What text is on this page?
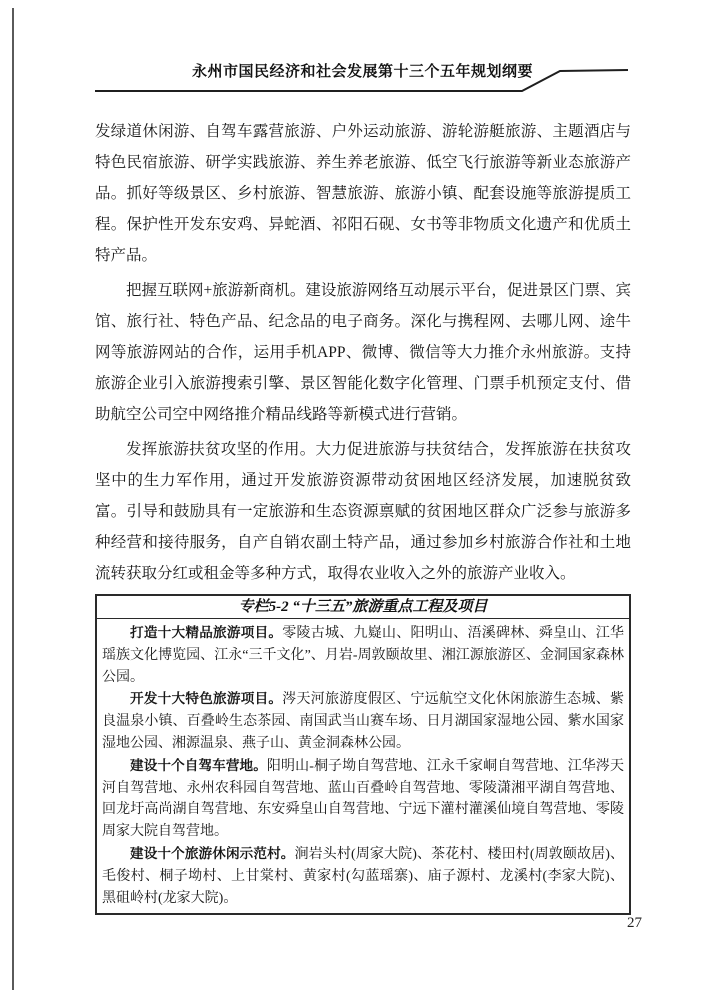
永州市国民经济和社会发展第十三个五年规划纲要

发绿道休闲游、自驾车露营旅游、户外运动旅游、游轮游艇旅游、主题酒店与特色民宿旅游、研学实践旅游、养生养老旅游、低空飞行旅游等新业态旅游产品。抓好等级景区、乡村旅游、智慧旅游、旅游小镇、配套设施等旅游提质工程。保护性开发东安鸡、异蛇酒、祁阳石砚、女书等非物质文化遗产和优质土特产品。

把握互联网+旅游新商机。建设旅游网络互动展示平台，促进景区门票、宾馆、旅行社、特色产品、纪念品的电子商务。深化与携程网、去哪儿网、途牛网等旅游网站的合作，运用手机APP、微博、微信等大力推介永州旅游。支持旅游企业引入旅游搜索引擎、景区智能化数字化管理、门票手机预定支付、借助航空公司空中网络推介精品线路等新模式进行营销。

发挥旅游扶贫攻坚的作用。大力促进旅游与扶贫结合，发挥旅游在扶贫攻坚中的生力军作用，通过开发旅游资源带动贫困地区经济发展，加速脱贫致富。引导和鼓励具有一定旅游和生态资源禀赋的贫困地区群众广泛参与旅游多种经营和接待服务，自产自销农副土特产品，通过参加乡村旅游合作社和土地流转获取分红或租金等多种方式，取得农业收入之外的旅游产业收入。

专栏5-2 “十三五”旅游重点工程及项目

打造十大精品旅游项目。零陵古城、九嶷山、阳明山、浯溪碑林、舜皇山、江华瑶族文化博览园、江永“三千文化”、月岩-周敦颐故里、湘江源旅游区、金洞国家森林公园。

开发十大特色旅游项目。涔天河旅游度假区、宁远航空文化休闲旅游生态城、紫良温泉小镇、百叠岭生态茶园、南国武当山赛车场、日月湖国家湿地公园、紫水国家湿地公园、湘源温泉、燕子山、黄金洞森林公园。

建设十个自驾车营地。阳明山-桐子坳自驾营地、江永千家峒自驾营地、江华涔天河自驾营地、永州农科园自驾营地、蓝山百叠岭自驾营地、零陵潇湘平湖自驾营地、回龙圩高尚湖自驾营地、东安舜皇山自驾营地、宁远下灌村灌溪仙境自驾营地、零陵周家大院自驾营地。

建设十个旅游休闲示范村。涧岩头村(周家大院)、茶花村、楼田村(周敦颐故居)、毛俊村、桐子坳村、上甘棠村、黄家村(勾蓝瑶寨)、庙子源村、龙溪村(李家大院)、黑砠岭村(龙家大院)。

27
